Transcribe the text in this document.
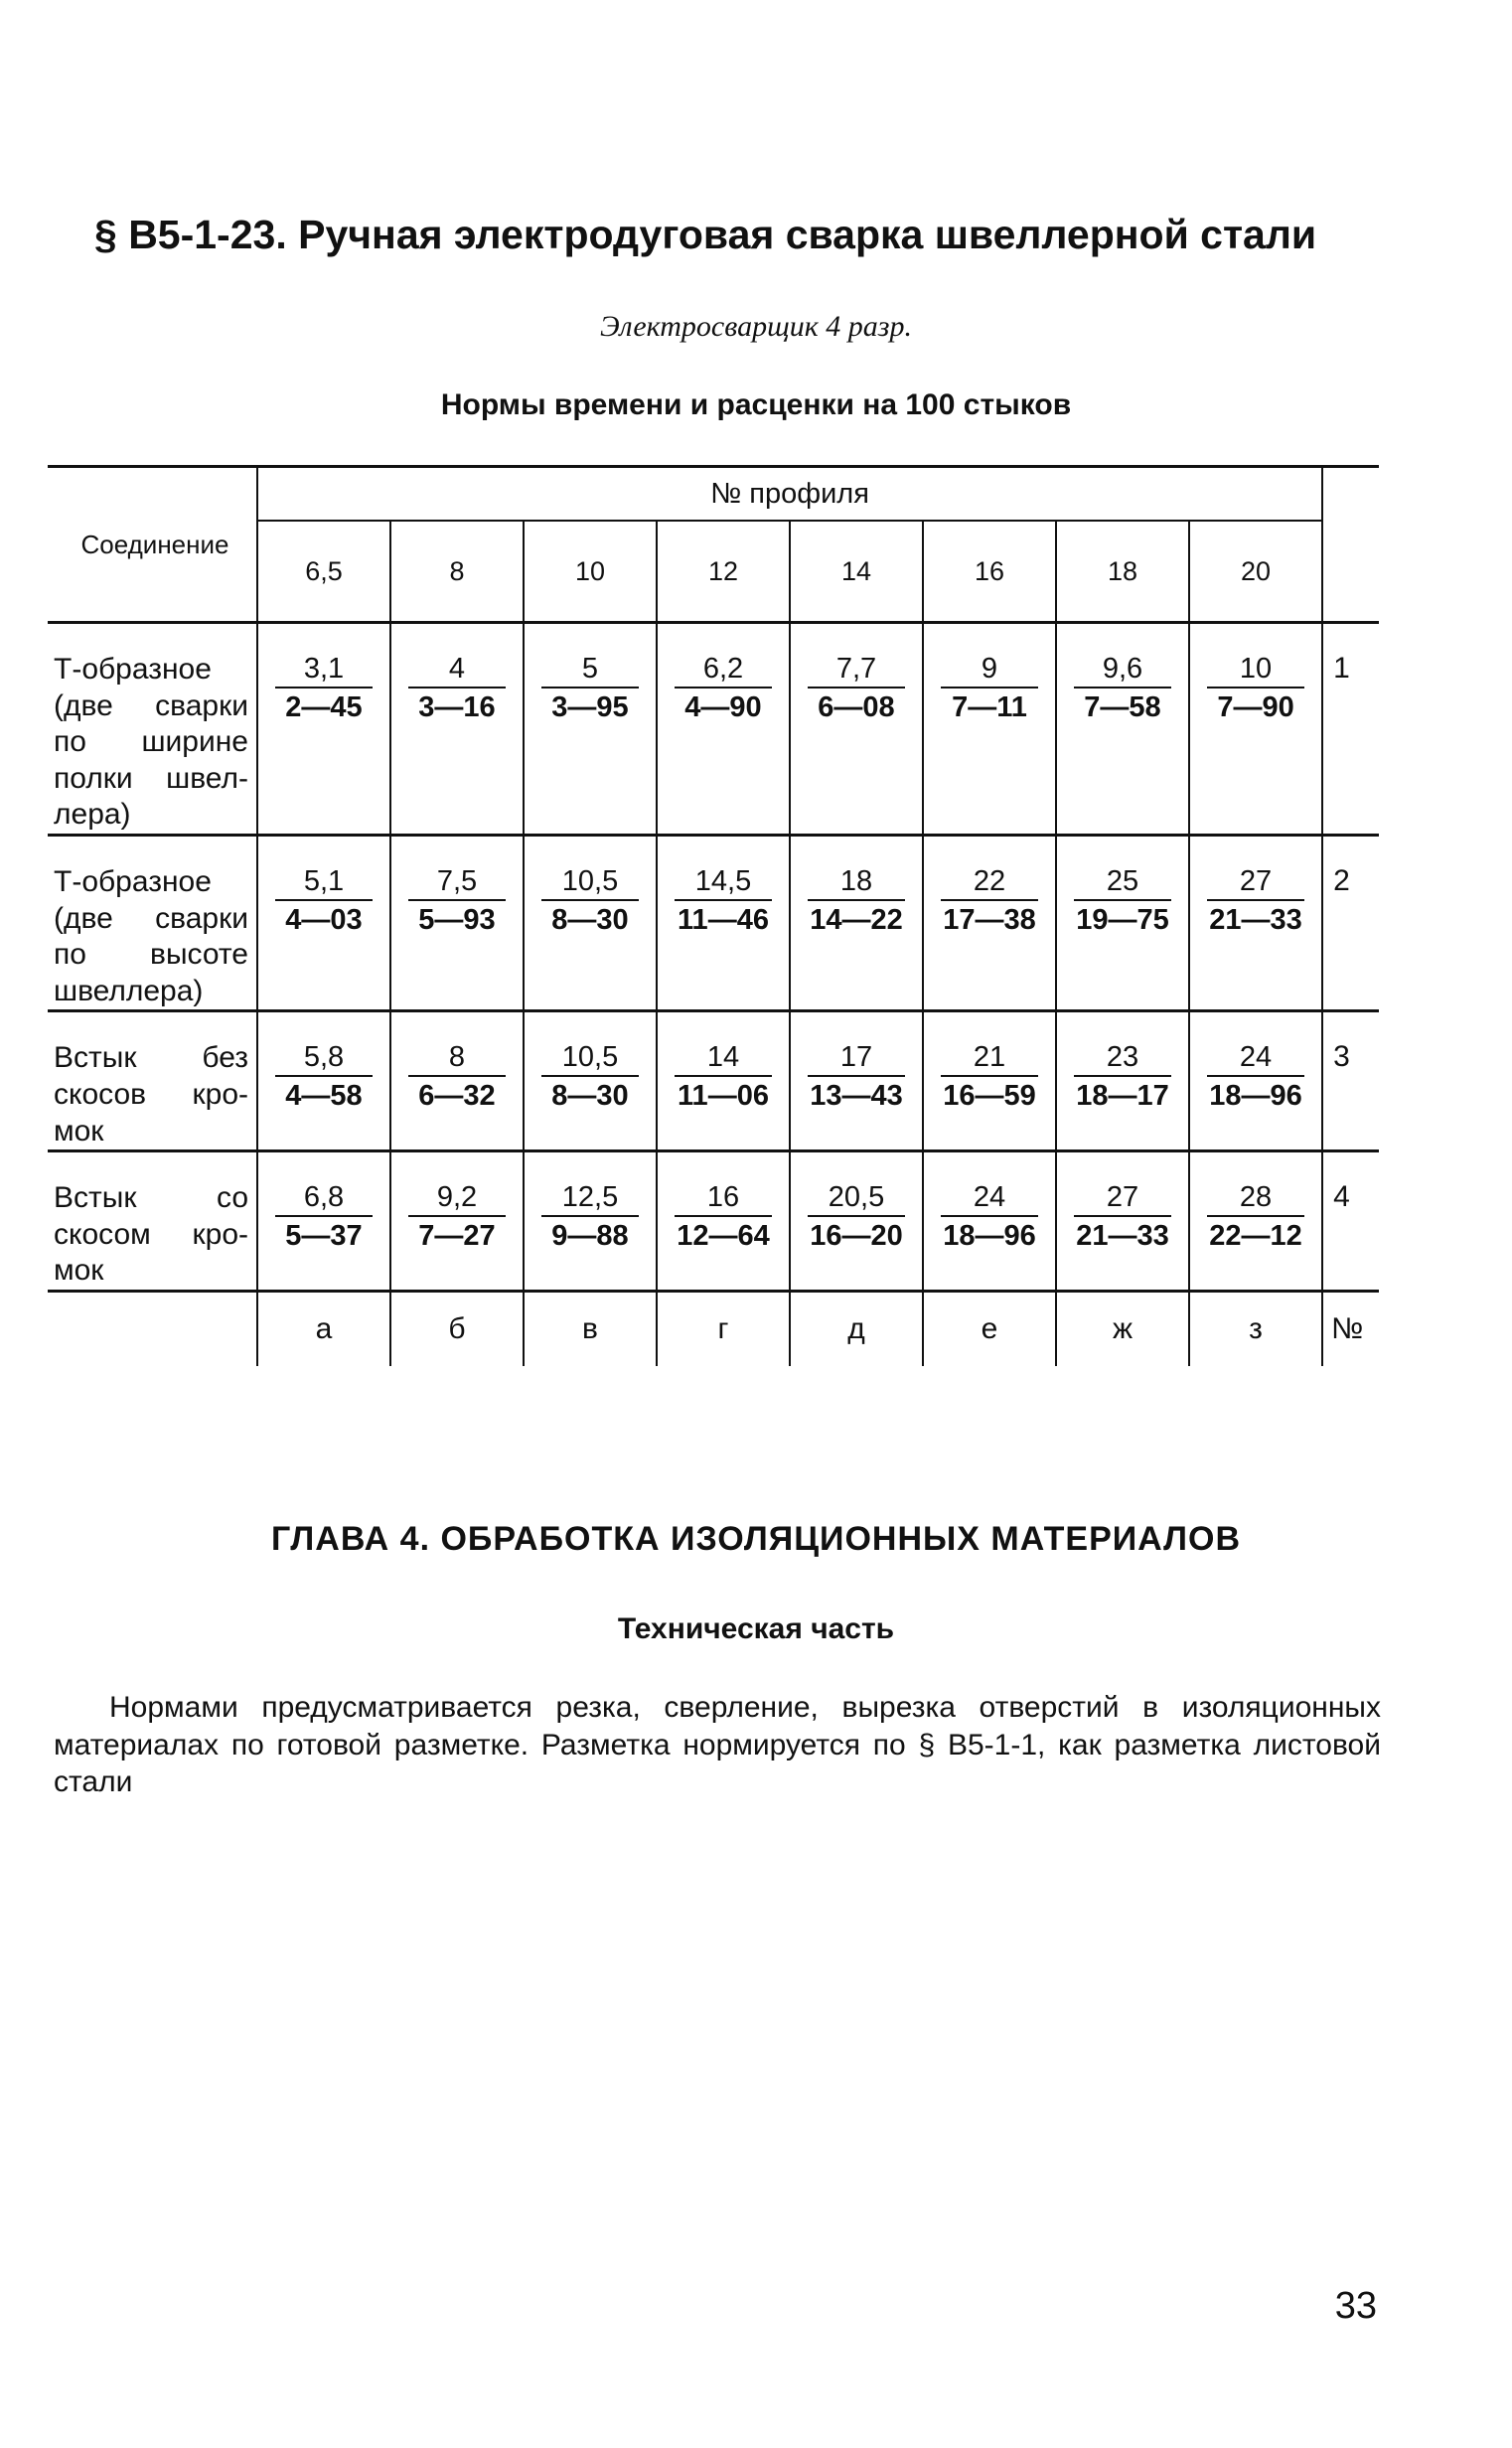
§ В5-1-23. Ручная электродуговая сварка швеллерной стали
Электросварщик 4 разр.
Нормы времени и расценки на 100 стыков
Соединение	№ профиля								
	6,5	8	10	12	14	16	18	20	

Т-образное
(две сварки
по ширине
полки швел-
лера)	$\frac{3,1}{2—45}$	$\frac{4}{3—16}$	$\frac{5}{3—95}$	$\frac{6,2}{4—90}$	$\frac{7,7}{6—08}$	$\frac{9}{7—11}$	$\frac{9,6}{7—58}$	$\frac{10}{7—90}$	1

Т-образное
(две сварки
по высоте
швеллера)	$\frac{5,1}{4—03}$	$\frac{7,5}{5—93}$	$\frac{10,5}{8—30}$	$\frac{14,5}{11—46}$	$\frac{18}{14—22}$	$\frac{22}{17—38}$	$\frac{25}{19—75}$	$\frac{27}{21—33}$	2

Встык без
скосов кро-
мок	$\frac{5,8}{4—58}$	$\frac{8}{6—32}$	$\frac{10,5}{8—30}$	$\frac{14}{11—06}$	$\frac{17}{13—43}$	$\frac{21}{16—59}$	$\frac{23}{18—17}$	$\frac{24}{18—96}$	3

Встык со
скосом кро-
мок	$\frac{6,8}{5—37}$	$\frac{9,2}{7—27}$	$\frac{12,5}{9—88}$	$\frac{16}{12—64}$	$\frac{20,5}{16—20}$	$\frac{24}{18—96}$	$\frac{27}{21—33}$	$\frac{28}{22—12}$	4
	а	б	в	г	д	е	ж	з	№
ГЛАВА 4. ОБРАБОТКА ИЗОЛЯЦИОННЫХ МАТЕРИАЛОВ
Техническая часть

Нормами предусматривается резка, сверление, вырезка отверстий в изоляционных материалах по готовой разметке. Разметка нормируется по § В5-1-1, как разметка листовой стали

33
